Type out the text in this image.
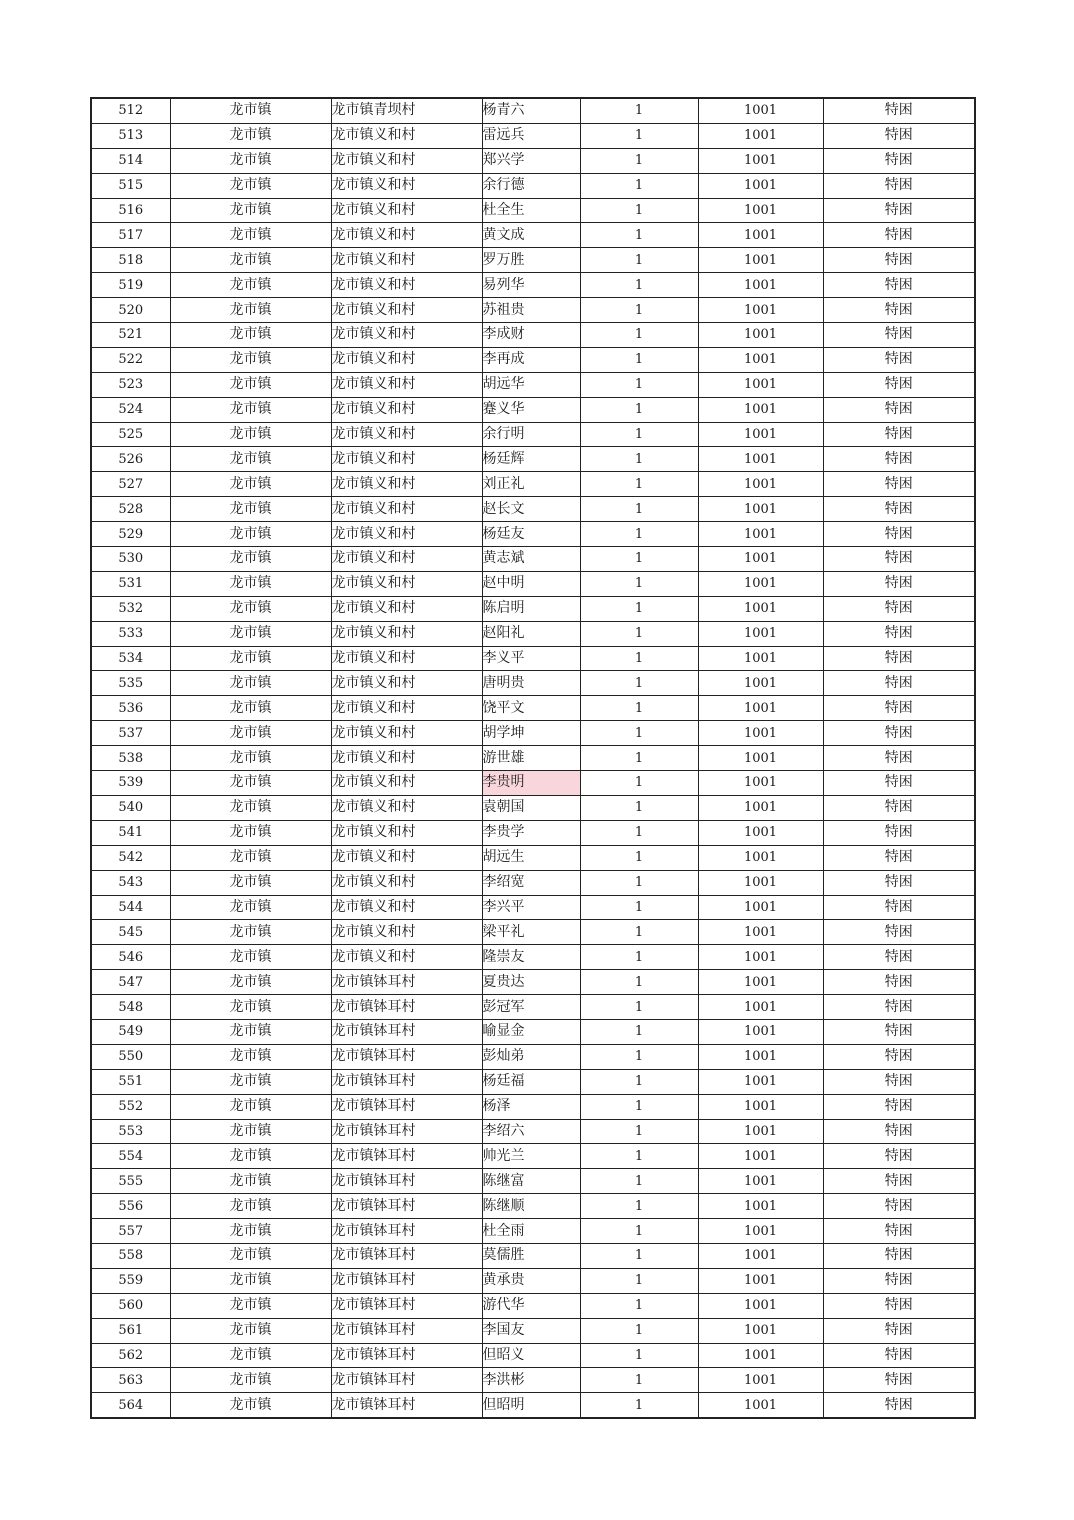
512	龙市镇	龙市镇青坝村	杨青六	1	1001	特困
513	龙市镇	龙市镇义和村	雷远兵	1	1001	特困
514	龙市镇	龙市镇义和村	郑兴学	1	1001	特困
515	龙市镇	龙市镇义和村	余行德	1	1001	特困
516	龙市镇	龙市镇义和村	杜全生	1	1001	特困
517	龙市镇	龙市镇义和村	黄文成	1	1001	特困
518	龙市镇	龙市镇义和村	罗万胜	1	1001	特困
519	龙市镇	龙市镇义和村	易列华	1	1001	特困
520	龙市镇	龙市镇义和村	苏祖贵	1	1001	特困
521	龙市镇	龙市镇义和村	李成财	1	1001	特困
522	龙市镇	龙市镇义和村	李再成	1	1001	特困
523	龙市镇	龙市镇义和村	胡远华	1	1001	特困
524	龙市镇	龙市镇义和村	蹇义华	1	1001	特困
525	龙市镇	龙市镇义和村	余行明	1	1001	特困
526	龙市镇	龙市镇义和村	杨廷辉	1	1001	特困
527	龙市镇	龙市镇义和村	刘正礼	1	1001	特困
528	龙市镇	龙市镇义和村	赵长文	1	1001	特困
529	龙市镇	龙市镇义和村	杨廷友	1	1001	特困
530	龙市镇	龙市镇义和村	黄志斌	1	1001	特困
531	龙市镇	龙市镇义和村	赵中明	1	1001	特困
532	龙市镇	龙市镇义和村	陈启明	1	1001	特困
533	龙市镇	龙市镇义和村	赵阳礼	1	1001	特困
534	龙市镇	龙市镇义和村	李义平	1	1001	特困
535	龙市镇	龙市镇义和村	唐明贵	1	1001	特困
536	龙市镇	龙市镇义和村	饶平文	1	1001	特困
537	龙市镇	龙市镇义和村	胡学坤	1	1001	特困
538	龙市镇	龙市镇义和村	游世雄	1	1001	特困
539	龙市镇	龙市镇义和村	李贵明	1	1001	特困
540	龙市镇	龙市镇义和村	袁朝国	1	1001	特困
541	龙市镇	龙市镇义和村	李贵学	1	1001	特困
542	龙市镇	龙市镇义和村	胡远生	1	1001	特困
543	龙市镇	龙市镇义和村	李绍宽	1	1001	特困
544	龙市镇	龙市镇义和村	李兴平	1	1001	特困
545	龙市镇	龙市镇义和村	梁平礼	1	1001	特困
546	龙市镇	龙市镇义和村	隆崇友	1	1001	特困
547	龙市镇	龙市镇钵耳村	夏贵达	1	1001	特困
548	龙市镇	龙市镇钵耳村	彭冠军	1	1001	特困
549	龙市镇	龙市镇钵耳村	喻显金	1	1001	特困
550	龙市镇	龙市镇钵耳村	彭灿弟	1	1001	特困
551	龙市镇	龙市镇钵耳村	杨廷福	1	1001	特困
552	龙市镇	龙市镇钵耳村	杨泽	1	1001	特困
553	龙市镇	龙市镇钵耳村	李绍六	1	1001	特困
554	龙市镇	龙市镇钵耳村	帅光兰	1	1001	特困
555	龙市镇	龙市镇钵耳村	陈继富	1	1001	特困
556	龙市镇	龙市镇钵耳村	陈继顺	1	1001	特困
557	龙市镇	龙市镇钵耳村	杜全雨	1	1001	特困
558	龙市镇	龙市镇钵耳村	莫儒胜	1	1001	特困
559	龙市镇	龙市镇钵耳村	黄承贵	1	1001	特困
560	龙市镇	龙市镇钵耳村	游代华	1	1001	特困
561	龙市镇	龙市镇钵耳村	李国友	1	1001	特困
562	龙市镇	龙市镇钵耳村	但昭义	1	1001	特困
563	龙市镇	龙市镇钵耳村	李洪彬	1	1001	特困
564	龙市镇	龙市镇钵耳村	但昭明	1	1001	特困
